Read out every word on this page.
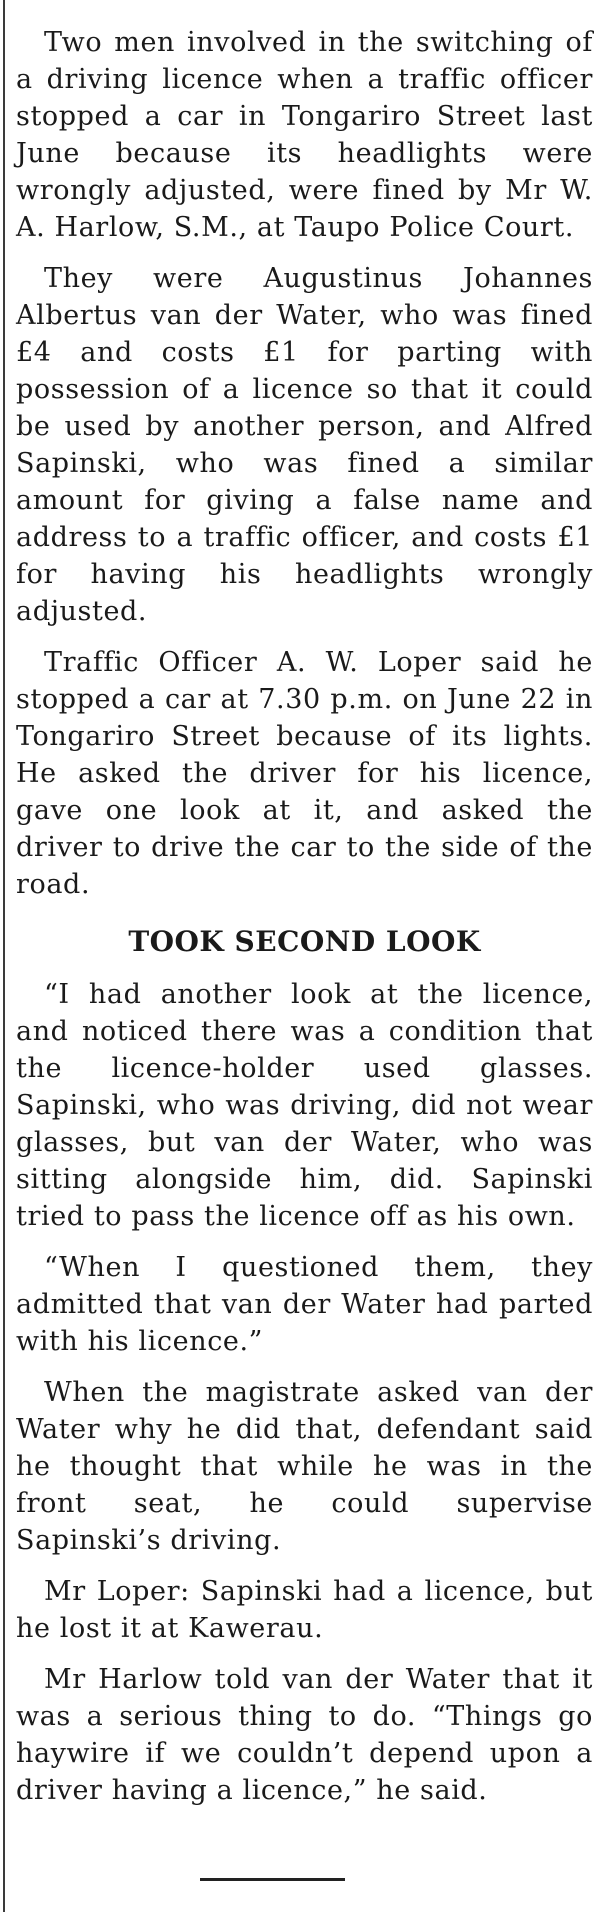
Two men involved in the switching of a driving licence when a traffic officer stopped a car in Tongariro Street last June because its headlights were wrongly adjusted, were fined by Mr W. A. Harlow, S.M., at Taupo Police Court.

They were Augustinus Johannes Albertus van der Water, who was fined £4 and costs £1 for parting with possession of a licence so that it could be used by another person, and Alfred Sapinski, who was fined a similar amount for giving a false name and address to a traffic officer, and costs £1 for having his headlights wrongly adjusted.

Traffic Officer A. W. Loper said he stopped a car at 7.30 p.m. on June 22 in Tongariro Street because of its lights. He asked the driver for his licence, gave one look at it, and asked the driver to drive the car to the side of the road.

TOOK SECOND LOOK

“I had another look at the licence, and noticed there was a condition that the licence-holder used glasses. Sapinski, who was driving, did not wear glasses, but van der Water, who was sitting alongside him, did. Sapinski tried to pass the licence off as his own.

“When I questioned them, they admitted that van der Water had parted with his licence.”

When the magistrate asked van der Water why he did that, defendant said he thought that while he was in the front seat, he could supervise Sapinski’s driving.

Mr Loper: Sapinski had a licence, but he lost it at Kawerau.

Mr Harlow told van der Water that it was a serious thing to do. “Things go haywire if we couldn’t depend upon a driver having a licence,” he said.
